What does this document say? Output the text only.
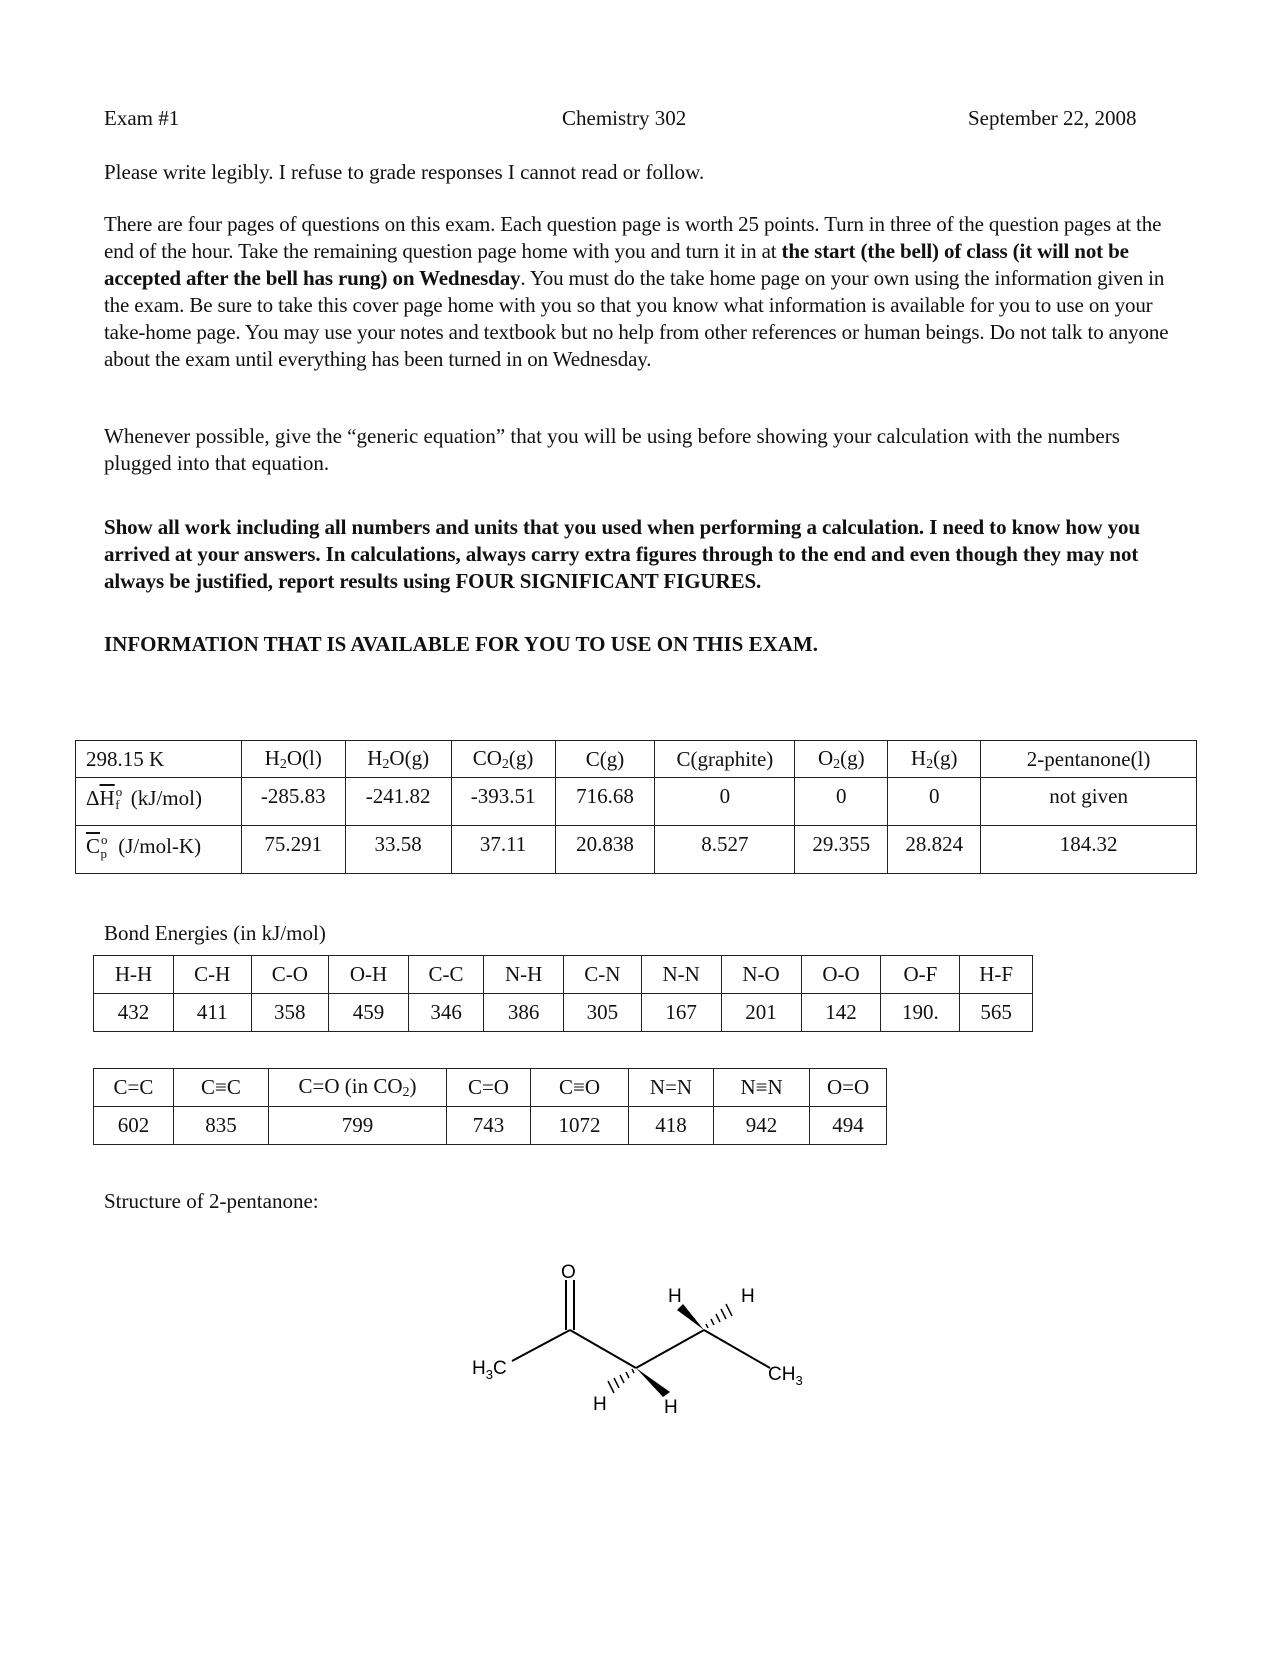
Exam #1	Chemistry 302	September 22, 2008

Please write legibly. I refuse to grade responses I cannot read or follow.

There are four pages of questions on this exam. Each question page is worth 25 points. Turn in three of the question pages at the end of the hour. Take the remaining question page home with you and turn it in at the start (the bell) of class (it will not be accepted after the bell has rung) on Wednesday. You must do the take home page on your own using the information given in the exam. Be sure to take this cover page home with you so that you know what information is available for you to use on your take-home page. You may use your notes and textbook but no help from other references or human beings. Do not talk to anyone about the exam until everything has been turned in on Wednesday.

Whenever possible, give the “generic equation” that you will be using before showing your calculation with the numbers plugged into that equation.

Show all work including all numbers and units that you used when performing a calculation. I need to know how you arrived at your answers. In calculations, always carry extra figures through to the end and even though they may not always be justified, report results using FOUR SIGNIFICANT FIGURES.

INFORMATION THAT IS AVAILABLE FOR YOU TO USE ON THIS EXAM.

298.15 K	$H_2O(l)$	$H_2O(g)$	$CO_2(g)$	C(g)	C(graphite)	$O_2(g)$	$H_2(g)$	2-pentanone(l)
$\Delta\overline{H}^of$ (kJ/mol)	-285.83	-241.82	-393.51	716.68	0	0	0	not given
$\overline{C}^o_p$ (J/mol-K)	75.291	33.58	37.11	20.838	8.527	29.355	28.824	184.32
Bond Energies (in kJ/mol)
H-H	C-H	C-O	O-H	C-C	N-H	C-N	N-N	N-O	O-O	O-F	H-F
432	411	358	459	346	386	305	167	201	142	190.	565
C=C	C≡C	C=O (in $CO_2$)	C=O	C≡O	N=N	N≡N	O=O
602	835	799	743	1072	418	942	494
Structure of 2-pentanone:
O
H	H
H	H
$H_3C$	$CH_3$
